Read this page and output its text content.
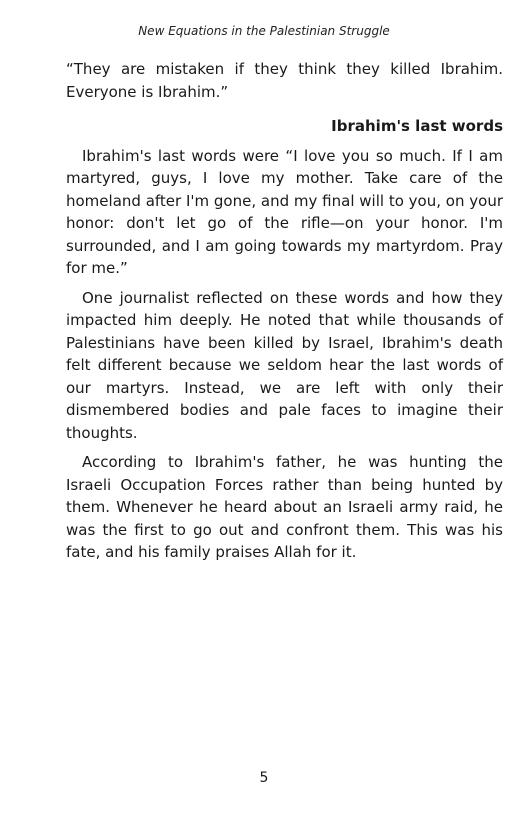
New Equations in the Palestinian Struggle

“They are mistaken if they think they killed Ibrahim. Everyone is Ibrahim.”

Ibrahim's last words

Ibrahim's last words were “I love you so much. If I am martyred, guys, I love my mother. Take care of the homeland after I'm gone, and my final will to you, on your honor: don't let go of the rifle—on your honor. I'm surrounded, and I am going towards my martyrdom. Pray for me.”

One journalist reflected on these words and how they impacted him deeply. He noted that while thousands of Palestinians have been killed by Israel, Ibrahim's death felt different because we seldom hear the last words of our martyrs. Instead, we are left with only their dismembered bodies and pale faces to imagine their thoughts.

According to Ibrahim's father, he was hunting the Israeli Occupation Forces rather than being hunted by them. Whenever he heard about an Israeli army raid, he was the first to go out and confront them. This was his fate, and his family praises Allah for it.

5
